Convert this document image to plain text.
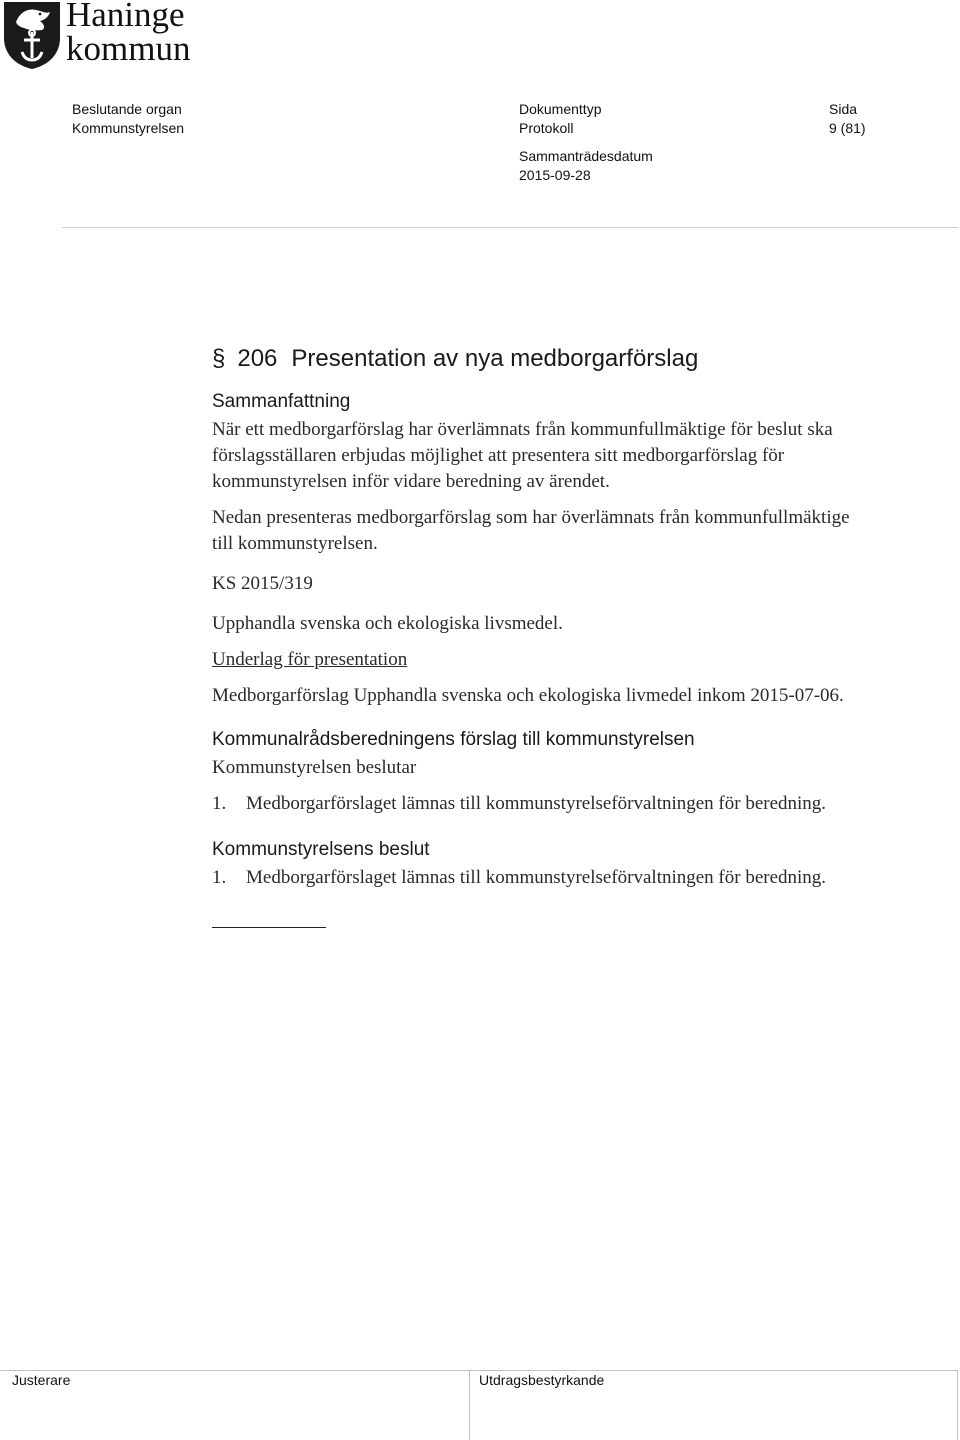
Haninge
kommun
Beslutande organ
Kommunstyrelsen
Dokumenttyp
Protokoll
Sammanträdesdatum
2015-09-28
Sida
9 (81)
§ 206 Presentation av nya medborgarförslag
Sammanfattning

När ett medborgarförslag har överlämnats från kommunfullmäktige för beslut ska förslagsställaren erbjudas möjlighet att presentera sitt medborgarförslag för kommunstyrelsen inför vidare beredning av ärendet.

Nedan presenteras medborgarförslag som har överlämnats från kommunfullmäktige till kommunstyrelsen.

KS 2015/319

Upphandla svenska och ekologiska livsmedel.

Underlag för presentation

Medborgarförslag Upphandla svenska och ekologiska livmedel inkom 2015-07-06.

Kommunalrådsberedningens förslag till kommunstyrelsen

Kommunstyrelsen beslutar

1.	Medborgarförslaget lämnas till kommunstyrelseförvaltningen för beredning.
Kommunstyrelsens beslut
1.	Medborgarförslaget lämnas till kommunstyrelseförvaltningen för beredning.
Justerare	Utdragsbestyrkande
